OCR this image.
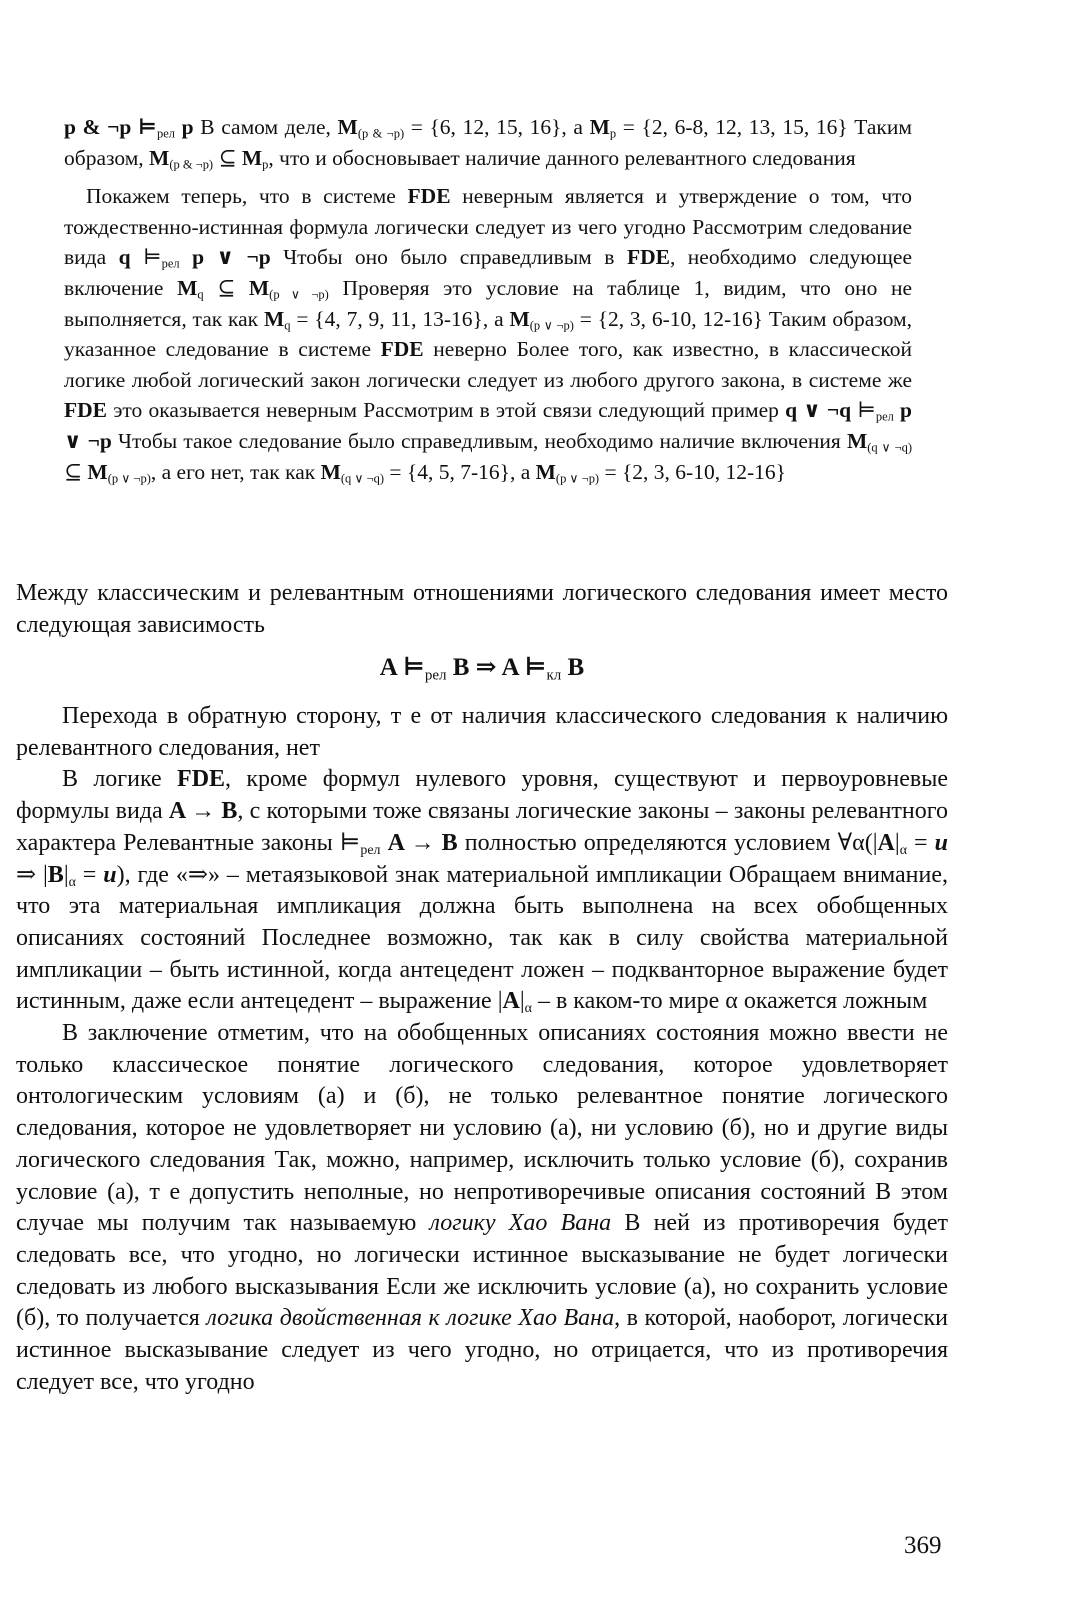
p & ¬p $⊨_{рел}$ p В самом деле, $M_{(p \& \neg p)} = \{6$, 12, 15, 16}, а $M_p = \{2$, 6-8, 12, 13, 15, 16} Таким образом, $M_{(p \& \neg p)}$ ⊆ $M_p$, что и обосновывает наличие данного релевантного следования

Покажем теперь, что в системе FDE неверным является и утверждение о том, что тождественно-истинная формула логически следует из чего угодно Рассмотрим следование вида q $⊨_{рел}$ p ∨ ¬p Чтобы оно было справедливым в FDE, необходимо следующее включение $M_q$ ⊆ $M_{(p \vee \neg p)}$ Проверяя это условие на таблице 1, видим, что оно не выполняется, так как $M_q = \{4$, 7, 9, 11, 13-16}, а $M_{(p \vee \neg p)} = \{2$, 3, 6-10, 12-16} Таким образом, указанное следование в системе FDE неверно Более того, как известно, в классической логике любой логический закон логически следует из любого другого закона, в системе же FDE это оказывается неверным Рассмотрим в этой связи следующий пример q ∨ ¬q $⊨_{рел}$ p ∨ ¬p Чтобы такое следование было справедливым, необходимо наличие включения $M_{(q \vee \neg q)}$ ⊆ $M_{(p \vee \neg p)}$, а его нет, так как $M_{(q \vee \neg q)} = \{4$, 5, 7-16}, а $M_{(p \vee \neg p)} = \{2$, 3, 6-10, 12-16}

Между классическим и релевантным отношениями логического следования имеет место следующая зависимость

A $⊨_{рел}$ B ⇒ A $⊨_{кл}$ B

Перехода в обратную сторону, т е от наличия классического следования к наличию релевантного следования, нет

В логике FDE, кроме формул нулевого уровня, существуют и первоуровневые формулы вида A → B, с которыми тоже связаны логические законы – законы релевантного характера Релевантные законы $⊨_{рел}$ A → B полностью определяются условием $\forall\alpha(|A|_\alpha = u$ ⇒ $|B|_\alpha = u$), где «⇒» – метаязыковой знак материальной импликации Обращаем внимание, что эта материальная импликация должна быть выполнена на всех обобщенных описаниях состояний Последнее возможно, так как в силу свойства материальной импликации – быть истинной, когда антецедент ложен – подкванторное выражение будет истинным, даже если антецедент – выражение $|A|_\alpha$ – в каком-то мире α окажется ложным

В заключение отметим, что на обобщенных описаниях состояния можно ввести не только классическое понятие логического следования, которое удовлетворяет онтологическим условиям (а) и (б), не только релевантное понятие логического следования, которое не удовлетворяет ни условию (а), ни условию (б), но и другие виды логического следования Так, можно, например, исключить только условие (б), сохранив условие (а), т е допустить неполные, но непротиворечивые описания состояний В этом случае мы получим так называемую логику Хао Вана В ней из противоречия будет следовать все, что угодно, но логически истинное высказывание не будет логически следовать из любого высказывания Если же исключить условие (а), но сохранить условие (б), то получается логика двойственная к логике Хао Вана, в которой, наоборот, логически истинное высказывание следует из чего угодно, но отрицается, что из противоречия следует все, что угодно

369
